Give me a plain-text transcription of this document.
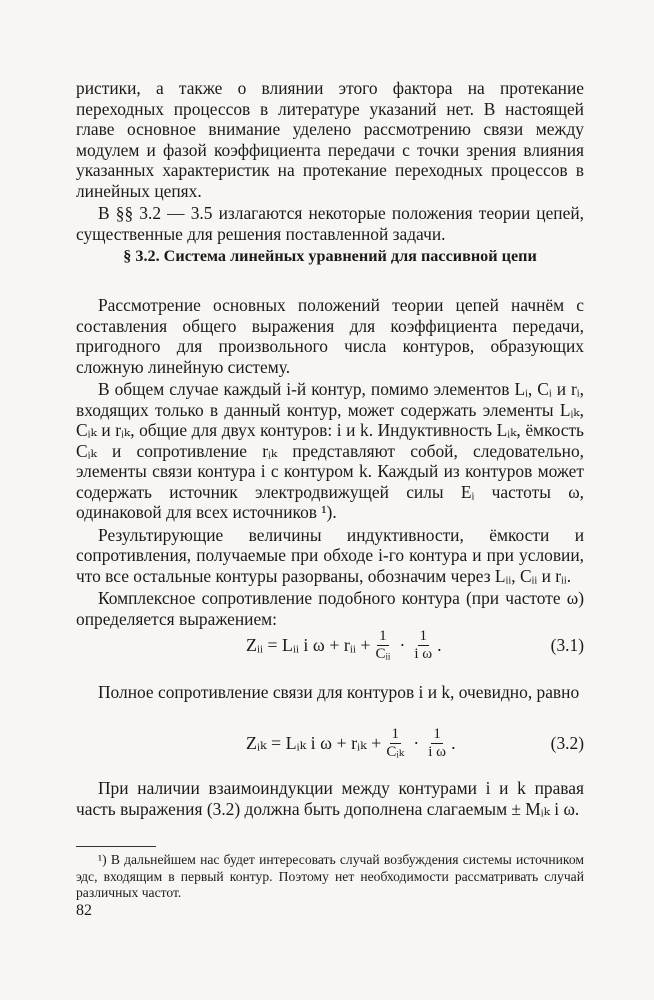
ристики, а также о влиянии этого фактора на протекание переходных процессов в литературе указаний нет. В настоящей главе основное внимание уделено рассмотрению связи между модулем и фазой коэффициента передачи с точки зрения влияния указанных характеристик на протекание переходных процессов в линейных цепях.

В §§ 3.2 — 3.5 излагаются некоторые положения теории цепей, существенные для решения поставленной задачи.

§ 3.2. Система линейных уравнений для пассивной цепи

Рассмотрение основных положений теории цепей начнём с составления общего выражения для коэффициента передачи, пригодного для произвольного числа контуров, образующих сложную линейную систему.

В общем случае каждый i-й контур, помимо элементов Lᵢ, Cᵢ и rᵢ, входящих только в данный контур, может содержать элементы Lᵢₖ, Cᵢₖ и rᵢₖ, общие для двух контуров: i и k. Индуктивность Lᵢₖ, ёмкость Cᵢₖ и сопротивление rᵢₖ представляют собой, следовательно, элементы связи контура i с контуром k. Каждый из контуров может содержать источник электродвижущей силы Eᵢ частоты ω, одинаковой для всех источников ¹).

Результирующие величины индуктивности, ёмкости и сопротивления, получаемые при обходе i-го контура и при условии, что все остальные контуры разорваны, обозначим через Lᵢᵢ, Cᵢᵢ и rᵢᵢ.

Комплексное сопротивление подобного контура (при частоте ω) определяется выражением:

Zᵢᵢ = Lᵢᵢ i ω + rᵢᵢ + $\frac{1}{\text{Cᵢᵢ}} \cdot \frac{1}{\text{i ω}}$ .	(3.1)

Полное сопротивление связи для контуров i и k, очевидно, равно

Zᵢₖ = Lᵢₖ i ω + rᵢₖ + $\frac{1}{\text{Cᵢₖ}} \cdot \frac{1}{\text{i ω}}$ .	(3.2)

При наличии взаимоиндукции между контурами i и k правая часть выражения (3.2) должна быть дополнена слагаемым ± Mᵢₖ i ω.

¹) В дальнейшем нас будет интересовать случай возбуждения системы источником эдс, входящим в первый контур. Поэтому нет необходимости рассматривать случай различных частот.

82
